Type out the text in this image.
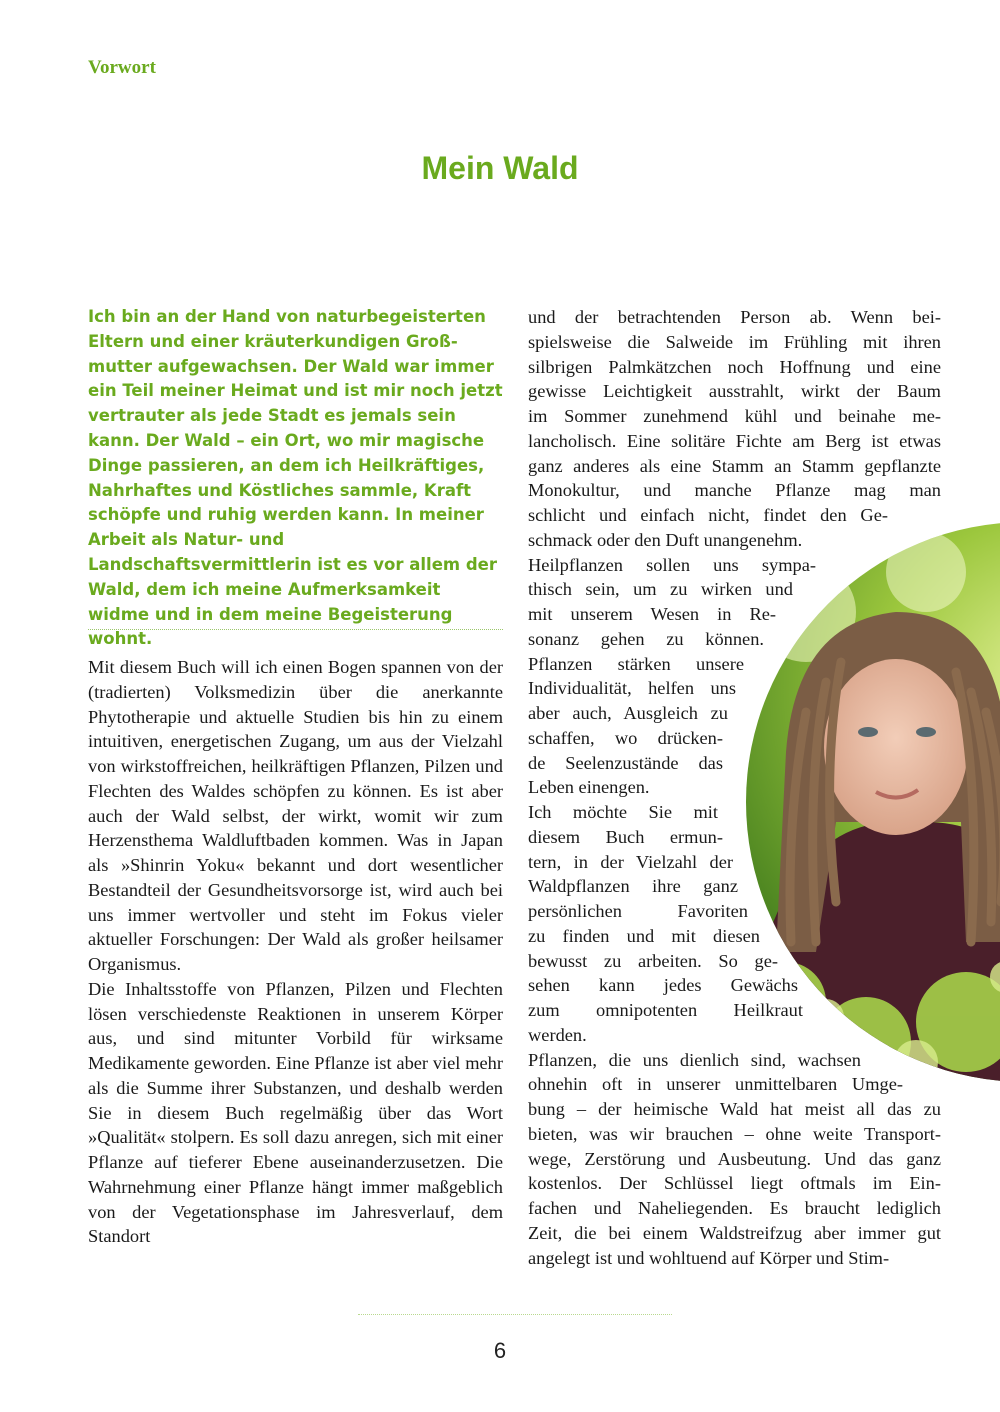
Vorwort
Mein Wald
Ich bin an der Hand von naturbegeisterten Eltern und einer kräuterkundigen Großmutter aufgewachsen. Der Wald war immer ein Teil meiner Heimat und ist mir noch jetzt vertrauter als jede Stadt es jemals sein kann. Der Wald – ein Ort, wo mir magische Dinge passieren, an dem ich Heilkräftiges, Nahrhaftes und Köstliches sammle, Kraft schöpfe und ruhig werden kann. In meiner Arbeit als Natur- und Landschaftsvermittlerin ist es vor allem der Wald, dem ich meine Aufmerksamkeit widme und in dem meine Begeisterung wohnt.

Mit diesem Buch will ich einen Bogen spannen von der (tradierten) Volksmedizin über die anerkannte Phytotherapie und aktuelle Studien bis hin zu einem intuitiven, energetischen Zugang, um aus der Vielzahl von wirkstoffreichen, heilkräftigen Pflanzen, Pilzen und Flechten des Waldes schöpfen zu können. Es ist aber auch der Wald selbst, der wirkt, womit wir zum Herzensthema Waldluftbaden kommen. Was in Japan als »Shinrin Yoku« bekannt und dort wesentlicher Bestandteil der Gesundheitsvorsorge ist, wird auch bei uns immer wertvoller und steht im Fokus vieler aktueller Forschungen: Der Wald als großer heilsamer Organismus.

Die Inhaltsstoffe von Pflanzen, Pilzen und Flechten lösen verschiedenste Reaktionen in unserem Körper aus, und sind mitunter Vorbild für wirksame Medikamente geworden. Eine Pflanze ist aber viel mehr als die Summe ihrer Substanzen, und deshalb werden Sie in diesem Buch regelmäßig über das Wort »Qualität« stolpern. Es soll dazu anregen, sich mit einer Pflanze auf tieferer Ebene auseinanderzusetzen. Die Wahrnehmung einer Pflanze hängt immer maßgeblich von der Vegetationsphase im Jahresverlauf, dem Standort

und der betrachtenden Person ab. Wenn bei-
spielsweise die Salweide im Frühling mit ihren
silbrigen Palmkätzchen noch Hoffnung und eine
gewisse Leichtigkeit ausstrahlt, wirkt der Baum
im Sommer zunehmend kühl und beinahe me-
lancholisch. Eine solitäre Fichte am Berg ist etwas
ganz anderes als eine Stamm an Stamm gepflanzte
Monokultur, und manche Pflanze mag man
schlicht und einfach nicht, findet den Ge-
schmack oder den Duft unangenehm.
Heilpflanzen sollen uns sympa-
thisch sein, um zu wirken und
mit unserem Wesen in Re-
sonanz gehen zu können.
Pflanzen stärken unsere
Individualität, helfen uns
aber auch, Ausgleich zu
schaffen, wo drücken-
de Seelenzustände das
Leben einengen.
Ich möchte Sie mit
diesem Buch ermun-
tern, in der Vielzahl der
Waldpflanzen ihre ganz
persönlichen Favoriten
zu finden und mit diesen
bewusst zu arbeiten. So ge-
sehen kann jedes Gewächs
zum omnipotenten Heilkraut
werden.
Pflanzen, die uns dienlich sind, wachsen
ohnehin oft in unserer unmittelbaren Umge-
bung – der heimische Wald hat meist all das zu
bieten, was wir brauchen – ohne weite Transport-
wege, Zerstörung und Ausbeutung. Und das ganz
kostenlos. Der Schlüssel liegt oftmals im Ein-
fachen und Naheliegenden. Es braucht lediglich
Zeit, die bei einem Waldstreifzug aber immer gut
angelegt ist und wohltuend auf Körper und Stim-
6
